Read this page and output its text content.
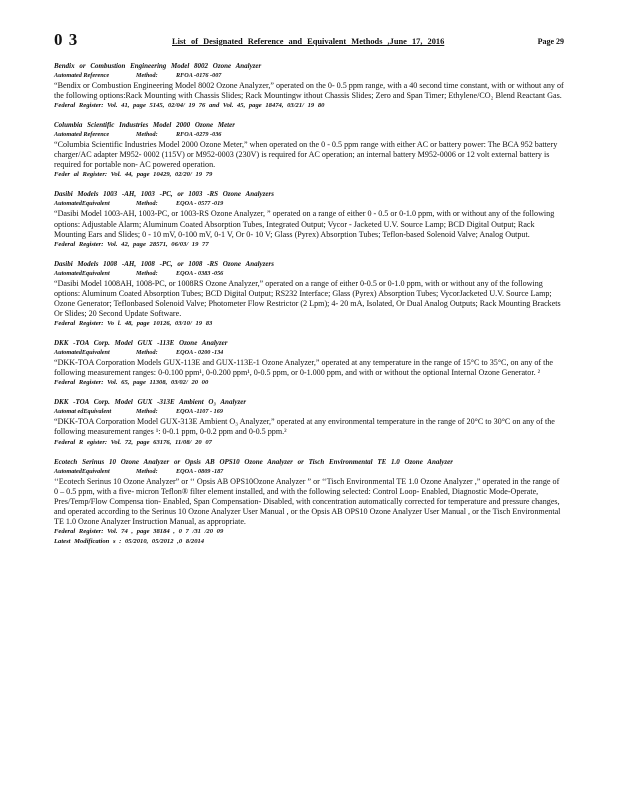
0 3	List of Designated Reference and Equivalent Methods ,June 17, 2016	Page 29
Bendix or Combustion Engineering Model 8002 Ozone Analyzer
Automated Reference	Method:	RFOA -0176 -007
“Bendix or Combustion Engineering Model 8002 Ozone Analyzer,” operated on the 0- 0.5 ppm range, with a 40 second time constant, with or without any of the following options:Rack Mounting with Chassis Slides; Rack Mountingw ithout Chassis Slides; Zero and Span Timer; Ethylene/CO₂ Blend Reactant Gas.
Federal Register: Vol. 41, page 5145, 02/04/ 19 76 and Vol. 45, page 18474, 03/21/ 19 80
Columbia Scientific Industries Model 2000 Ozone Meter
Automated Reference	Method:	RFOA -0279 -036
“Columbia Scientific Industries Model 2000 Ozone Meter,” when operated on the 0 - 0.5 ppm range with either AC or battery power: The BCA 952 battery charger/AC adapter M952- 0002 (115V) or M952-0003 (230V) is required for AC operation; an internal battery M952-0006 or 12 volt external battery is required for portable non- AC powered operation.
Feder al Register: Vol. 44, page 10429, 02/20/ 19 79
Dasibi Models 1003 -AH, 1003 -PC, or 1003 -RS Ozone Analyzers
AutomatedEquivalent	Method:	EQOA - 0577 -019
“Dasibi Model 1003-AH, 1003-PC, or 1003-RS Ozone Analyzer, ” operated on a range of either 0 - 0.5 or 0-1.0 ppm, with or without any of the following options: Adjustable Alarm; Aluminum Coated Absorption Tubes, Integrated Output; Vycor - Jacketed U.V. Source Lamp; BCD Digital Output; Rack Mounting Ears and Slides; 0 - 10 mV, 0-100 mV, 0-1 V, Or 0- 10 V; Glass (Pyrex) Absorption Tubes; Teflon-based Solenoid Valve; Analog Output.
Federal Register: Vol. 42, page 28571, 06/03/ 19 77
Dasibi Models 1008 -AH, 1008 -PC, or 1008 -RS Ozone Analyzers
AutomatedEquivalent	Method:	EQOA - 0383 -056
“Dasibi Model 1008AH, 1008-PC, or 1008RS Ozone Analyzer,” operated on a range of either 0-0.5 or 0-1.0 ppm, with or without any of the following options: Aluminum Coated Absorption Tubes; BCD Digital Output; RS232 Interface; Glass (Pyrex) Absorption Tubes; VycorJacketed U.V. Source Lamp; Ozone Generator; Teflonbased Solenoid Valve; Photometer Flow Restrictor (2 Lpm); 4- 20 mA, Isolated, Or Dual Analog Outputs; Rack Mounting Brackets Or Slides; 20 Second Update Software.
Federal Register: Vo l. 48, page 10126, 03/10/ 19 83
DKK -TOA Corp. Model GUX -113E Ozone Analyzer
AutomatedEquivalent	Method:	EQOA - 0200 -134
“DKK-TOA Corporation Models GUX-113E and GUX-113E-1 Ozone Analyzer,” operated at any temperature in the range of 15°C to 35°C, on any of the following measurement ranges: 0-0.100 ppm¹, 0-0.200 ppm¹, 0-0.5 ppm, or 0-1.000 ppm, and with or without the optional Internal Ozone Generator. ²
Federal Register: Vol. 65, page 11308, 03/02/ 20 00
DKK -TOA Corp. Model GUX -313E Ambient O₃ Analyzer
Automat edEquivalent	Method:	EQOA -1107 - 169
“DKK-TOA Corporation Model GUX-313E Ambient O₃ Analyzer,” operated at any environmental temperature in the range of 20°C to 30°C on any of the following measurement ranges ¹: 0-0.1 ppm, 0-0.2 ppm and 0-0.5 ppm.²
Federal R egister: Vol. 72, page 63176, 11/08/ 20 07
Ecotech Serinus 10 Ozone Analyzer or Opsis AB OPS10 Ozone Analyzer or Tisch Environmental TE 1.0 Ozone Analyzer
AutomatedEquivalent	Method:	EQOA - 0809 -187
‘‘Ecotech Serinus 10 Ozone Analyzer” or ‘‘ Opsis AB OPS10Ozone Analyzer ” or ‘‘Tisch Environmental TE 1.0 Ozone Analyzer ,” operated in the range of 0 – 0.5 ppm, with a five- micron Teflon® filter element installed, and with the following selected: Control Loop- Enabled, Diagnostic Mode-Operate, Pres/Temp/Flow Compensa tion- Enabled, Span Compensation- Disabled, with concentration automatically corrected for temperature and pressure changes, and operated according to the Serinus 10 Ozone Analyzer User Manual , or the Opsis AB OPS10 Ozone Analyzer User Manual , or the Tisch Environmental TE 1.0 Ozone Analyzer Instruction Manual, as appropriate.
Federal Register: Vol. 74 , page 38184 , 0 7 /31 /20 09
Latest Modification s : 05/2010, 05/2012 ,0 8/2014
